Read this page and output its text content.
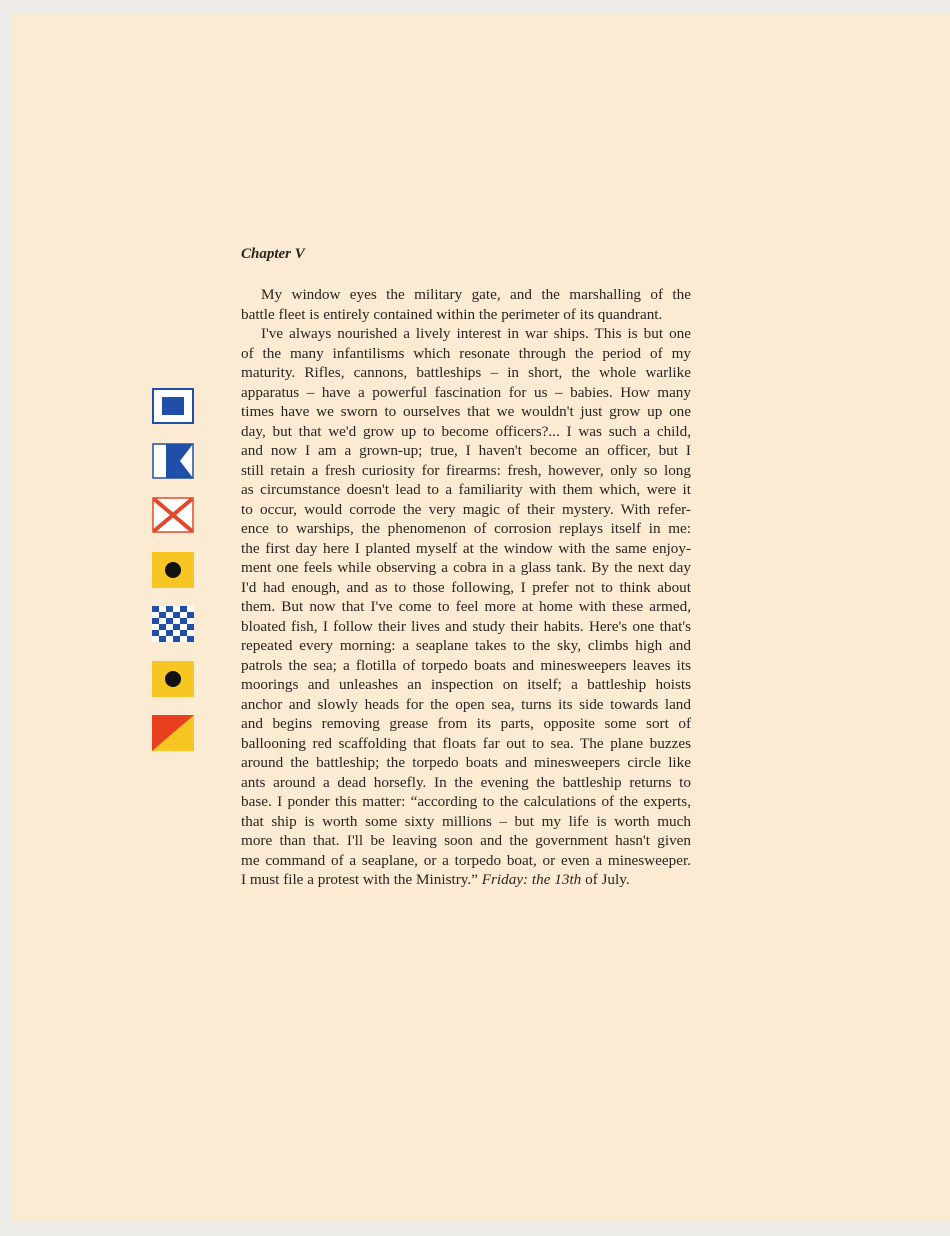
Chapter V

My window eyes the military gate, and the marshalling of the
battle fleet is entirely contained within the perimeter of its quandrant.

I've always nourished a lively interest in war ships. This is but one
of the many infantilisms which resonate through the period of my
maturity. Rifles, cannons, battleships – in short, the whole warlike
apparatus – have a powerful fascination for us – babies. How many
times have we sworn to ourselves that we wouldn't just grow up one
day, but that we'd grow up to become officers?... I was such a child,
and now I am a grown-up; true, I haven't become an officer, but I
still retain a fresh curiosity for firearms: fresh, however, only so long
as circumstance doesn't lead to a familiarity with them which, were it
to occur, would corrode the very magic of their mystery. With refer-
ence to warships, the phenomenon of corrosion replays itself in me:
the first day here I planted myself at the window with the same enjoy-
ment one feels while observing a cobra in a glass tank. By the next day
I'd had enough, and as to those following, I prefer not to think about
them. But now that I've come to feel more at home with these armed,
bloated fish, I follow their lives and study their habits. Here's one that's
repeated every morning: a seaplane takes to the sky, climbs high and
patrols the sea; a flotilla of torpedo boats and minesweepers leaves its
moorings and unleashes an inspection on itself; a battleship hoists
anchor and slowly heads for the open sea, turns its side towards land
and begins removing grease from its parts, opposite some sort of
ballooning red scaffolding that floats far out to sea. The plane buzzes
around the battleship; the torpedo boats and minesweepers circle like
ants around a dead horsefly. In the evening the battleship returns to
base. I ponder this matter: “according to the calculations of the experts,
that ship is worth some sixty millions – but my life is worth much
more than that. I'll be leaving soon and the government hasn't given
me command of a seaplane, or a torpedo boat, or even a minesweeper.
I must file a protest with the Ministry.” Friday: the 13th of July.
